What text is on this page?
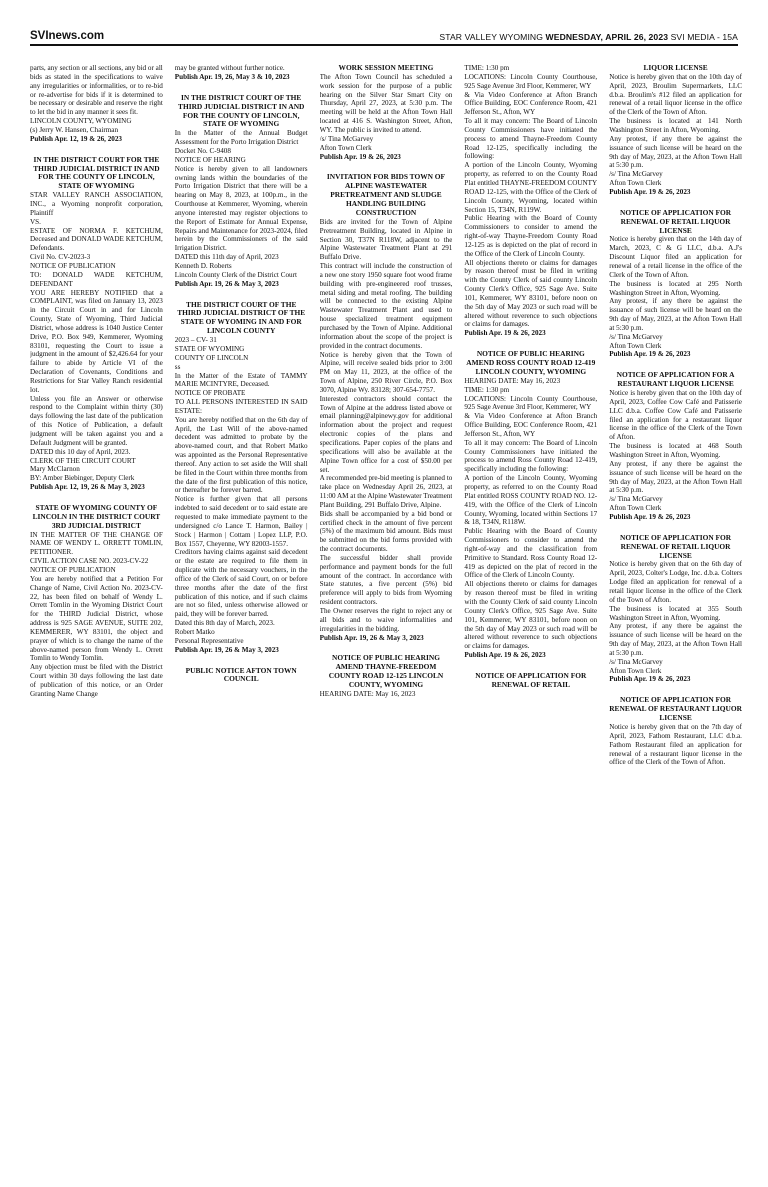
SVInews.com	STAR VALLEY WYOMING WEDNESDAY, APRIL 26, 2023 SVI MEDIA - 15A

parts, any section or all sections, any bid or all bids as stated in the specifications to waive any irregularities or informalities, or to re-bid or re-advertise for bids if it is determined to be necessary or desirable and reserve the right to let the bid in any manner it sees fit.

LINCOLN COUNTY, WYOMING

(s) Jerry W. Hansen, Chairman

Publish Apr. 12, 19 & 26, 2023

IN THE DISTRICT COURT FOR THE THIRD JUDICIAL DISTRICT IN AND FOR THE COUNTY OF LINCOLN, STATE OF WYOMING

STAR VALLEY RANCH ASSOCIATION, INC., a Wyoming nonprofit corporation, Plaintiff

VS.

ESTATE OF NORMA F. KETCHUM, Deceased and DONALD WADE KETCHUM, Defendants.

Civil No. CV-2023-3

NOTICE OF PUBLICATION

TO: DONALD WADE KETCHUM, DEFENDANT

YOU ARE HEREBY NOTIFIED that a COMPLAINT, was filed on January 13, 2023 in the Circuit Court in and for Lincoln County, State of Wyoming, Third Judicial District, whose address is 1040 Justice Center Drive, P.O. Box 949, Kemmerer, Wyoming 83101, requesting the Court to issue a judgment in the amount of $2,426.64 for your failure to abide by Article VI of the Declaration of Covenants, Conditions and Restrictions for Star Valley Ranch residential lot.

Unless you file an Answer or otherwise respond to the Complaint within thirty (30) days following the last date of the publication of this Notice of Publication, a default judgment will be taken against you and a Default Judgment will be granted.

DATED this 10 day of April, 2023.

CLERK OF THE CIRCUIT COURT

Mary McClarnon

BY: Amber Biebinger, Deputy Clerk

Publish Apr. 12, 19, 26 & May 3, 2023

STATE OF WYOMING COUNTY OF LINCOLN IN THE DISTRICT COURT 3RD JUDICIAL DISTRICT

IN THE MATTER OF THE CHANGE OF NAME OF WENDY L. ORRETT TOMLIN, PETITIONER.

CIVIL ACTION CASE NO. 2023-CV-22

NOTICE OF PUBLICATION

You are hereby notified that a Petition For Change of Name, Civil Action No. 2023-CV-22, has been filed on behalf of Wendy L. Orrett Tomlin in the Wyoming District Court for the THIRD Judicial District, whose address is 925 SAGE AVENUE, SUITE 202, KEMMERER, WY 83101, the object and prayer of which is to change the name of the above-named person from Wendy L. Orrett Tomlin to Wendy Tomlin.

Any objection must be filed with the District Court within 30 days following the last date of publication of this notice, or an Order Granting Name Change

may be granted without further notice.

Publish Apr. 19, 26, May 3 & 10, 2023

IN THE DISTRICT COURT OF THE THIRD JUDICIAL DISTRICT IN AND FOR THE COUNTY OF LINCOLN, STATE OF WYOMING

In the Matter of the Annual Budget Assessment for the Porto Irrigation District

Docket No. C-9408

NOTICE OF HEARING

Notice is hereby given to all landowners owning lands within the boundaries of the Porto Irrigation District that there will be a hearing on May 8, 2023, at 100p.m., in the Courthouse at Kemmerer, Wyoming, wherein anyone interested may register objections to the Report of Estimate for Annual Expense, Repairs and Maintenance for 2023-2024, filed herein by the Commissioners of the said Irrigation District.

DATED this 11th day of April, 2023

Kenneth D. Roberts

Lincoln County Clerk of the District Court

Publish Apr. 19, 26 & May 3, 2023

THE DISTRICT COURT OF THE THIRD JUDICIAL DISTRICT OF THE STATE OF WYOMING IN AND FOR LINCOLN COUNTY

2023 – CV- 31

STATE OF WYOMING

COUNTY OF LINCOLN

ss

In the Matter of the Estate of TAMMY MARIE MCINTYRE, Deceased.

NOTICE OF PROBATE

TO ALL PERSONS INTERESTED IN SAID ESTATE:

You are hereby notified that on the 6th day of April, the Last Will of the above-named decedent was admitted to probate by the above-named court, and that Robert Matko was appointed as the Personal Representative thereof. Any action to set aside the Will shall be filed in the Court within three months from the date of the first publication of this notice, or thereafter be forever barred.

Notice is further given that all persons indebted to said decedent or to said estate are requested to make immediate payment to the undersigned c/o Lance T. Harmon, Bailey | Stock | Harmon | Cottam | Lopez LLP, P.O. Box 1557, Cheyenne, WY 82003-1557.

Creditors having claims against said decedent or the estate are required to file them in duplicate with the necessary vouchers, in the office of the Clerk of said Court, on or before three months after the date of the first publication of this notice, and if such claims are not so filed, unless otherwise allowed or paid, they will be forever barred.

Dated this 8th day of March, 2023.

Robert Matko

Personal Representative

Publish Apr. 19, 26 & May 3, 2023

PUBLIC NOTICE AFTON TOWN COUNCIL
WORK SESSION MEETING

The Afton Town Council has scheduled a work session for the purpose of a public hearing on the Silver Star Smart City on Thursday, April 27, 2023, at 5:30 p.m. The meeting will be held at the Afton Town Hall located at 416 S. Washington Street, Afton, WY. The public is invited to attend.

/s/ Tina McGarvey

Afton Town Clerk

Publish Apr. 19 & 26, 2023

INVITATION FOR BIDS TOWN OF ALPINE WASTEWATER PRETREATMENT AND SLUDGE HANDLING BUILDING CONSTRUCTION

Bids are invited for the Town of Alpine Pretreatment Building, located in Alpine in Section 30, T37N R118W, adjacent to the Alpine Wastewater Treatment Plant at 291 Buffalo Drive.

This contract will include the construction of a new one story 1950 square foot wood frame building with pre-engineered roof trusses, metal siding and metal roofing. The building will be connected to the existing Alpine Wastewater Treatment Plant and used to house specialized treatment equipment purchased by the Town of Alpine. Additional information about the scope of the project is provided in the contract documents.

Notice is hereby given that the Town of Alpine, will receive sealed bids prior to 3:00 PM on May 11, 2023, at the office of the Town of Alpine, 250 River Circle, P.O. Box 3070, Alpine Wy. 83128; 307-654-7757.

Interested contractors should contact the Town of Alpine at the address listed above or email planning@alpinewy.gov for additional information about the project and request electronic copies of the plans and specifications. Paper copies of the plans and specifications will also be available at the Alpine Town office for a cost of $50.00 per set.

A recommended pre-bid meeting is planned to take place on Wednesday April 26, 2023, at 11:00 AM at the Alpine Wastewater Treatment Plant Building, 291 Buffalo Drive, Alpine.

Bids shall be accompanied by a bid bond or certified check in the amount of five percent (5%) of the maximum bid amount. Bids must be submitted on the bid forms provided with the contract documents.

The successful bidder shall provide performance and payment bonds for the full amount of the contract. In accordance with State statutes, a five percent (5%) bid preference will apply to bids from Wyoming resident contractors.

The Owner reserves the right to reject any or all bids and to waive informalities and irregularities in the bidding.

Publish Apr. 19, 26 & May 3, 2023

NOTICE OF PUBLIC HEARING AMEND THAYNE-FREEDOM COUNTY ROAD 12-125 LINCOLN COUNTY, WYOMING

HEARING DATE: May 16, 2023

TIME: 1:30 pm

LOCATIONS: Lincoln County Courthouse, 925 Sage Avenue 3rd Floor, Kemmerer, WY

& Via Video Conference at Afton Branch Office Building, EOC Conference Room, 421 Jefferson St., Afton, WY

To all it may concern: The Board of Lincoln County Commissioners have initiated the process to amend Thayne-Freedom County Road 12-125, specifically including the following:

A portion of the Lincoln County, Wyoming property, as referred to on the County Road Plat entitled THAYNE-FREEDOM COUNTY ROAD 12-125, with the Office of the Clerk of Lincoln County, Wyoming, located within Section 15, T34N, R119W.

Public Hearing with the Board of County Commissioners to consider to amend the right-of-way Thayne-Freedom County Road 12-125 as is depicted on the plat of record in the Office of the Clerk of Lincoln County.

All objections thereto or claims for damages by reason thereof must be filed in writing with the County Clerk of said county Lincoln County Clerk's Office, 925 Sage Ave. Suite 101, Kemmerer, WY 83101, before noon on the 5th day of May 2023 or such road will be altered without reverence to such objections or claims for damages.

Publish Apr. 19 & 26, 2023

NOTICE OF PUBLIC HEARING AMEND ROSS COUNTY ROAD 12-419 LINCOLN COUNTY, WYOMING

HEARING DATE: May 16, 2023

TIME: 1:30 pm

LOCATIONS: Lincoln County Courthouse, 925 Sage Avenue 3rd Floor, Kemmerer, WY

& Via Video Conference at Afton Branch Office Building, EOC Conference Room, 421 Jefferson St., Afton, WY

To all it may concern: The Board of Lincoln County Commissioners have initiated the process to amend Ross County Road 12-419, specifically including the following:

A portion of the Lincoln County, Wyoming property, as referred to on the County Road Plat entitled ROSS COUNTY ROAD NO. 12-419, with the Office of the Clerk of Lincoln County, Wyoming, located within Sections 17 & 18, T34N, R118W.

Public Hearing with the Board of County Commissioners to consider to amend the right-of-way and the classification from Primitive to Standard. Ross County Road 12-419 as depicted on the plat of record in the Office of the Clerk of Lincoln County.

All objections thereto or claims for damages by reason thereof must be filed in writing with the County Clerk of said county Lincoln County Clerk's Office, 925 Sage Ave. Suite 101, Kemmerer, WY 83101, before noon on the 5th day of May 2023 or such road will be altered without reverence to such objections or claims for damages.

Publish Apr. 19 & 26, 2023

NOTICE OF APPLICATION FOR RENEWAL OF RETAIL
LIQUOR LICENSE

Notice is hereby given that on the 10th day of April, 2023, Broulim Supermarkets, LLC d.b.a. Broulim's #12 filed an application for renewal of a retail liquor license in the office of the Clerk of the Town of Afton.

The business is located at 141 North Washington Street in Afton, Wyoming.

Any protest, if any there be against the issuance of such license will be heard on the 9th day of May, 2023, at the Afton Town Hall at 5:30 p.m.

/s/ Tina McGarvey

Afton Town Clerk

Publish Apr. 19 & 26, 2023

NOTICE OF APPLICATION FOR RENEWAL OF RETAIL LIQUOR LICENSE

Notice is hereby given that on the 14th day of March, 2023, C & G LLC, d.b.a. A.J's Discount Liquor filed an application for renewal of a retail license in the office of the Clerk of the Town of Afton.

The business is located at 295 North Washington Street in Afton, Wyoming.

Any protest, if any there be against the issuance of such license will be heard on the 9th day of May, 2023, at the Afton Town Hall at 5:30 p.m.

/s/ Tina McGarvey

Afton Town Clerk

Publish Apr. 19 & 26, 2023

NOTICE OF APPLICATION FOR A RESTAURANT LIQUOR LICENSE

Notice is hereby given that on the 10th day of April, 2023, Coffee Cow Café and Patisserie LLC d.b.a. Coffee Cow Café and Patisserie filed an application for a restaurant liquor license in the office of the Clerk of the Town of Afton.

The business is located at 468 South Washington Street in Afton, Wyoming.

Any protest, if any there be against the issuance of such license will be heard on the 9th day of May, 2023, at the Afton Town Hall at 5:30 p.m.

/s/ Tina McGarvey

Afton Town Clerk

Publish Apr. 19 & 26, 2023

NOTICE OF APPLICATION FOR RENEWAL OF RETAIL LIQUOR LICENSE

Notice is hereby given that on the 6th day of April, 2023, Colter's Lodge, Inc. d.b.a. Colters Lodge filed an application for renewal of a retail liquor license in the office of the Clerk of the Town of Afton.

The business is located at 355 South Washington Street in Afton, Wyoming.

Any protest, if any there be against the issuance of such license will be heard on the 9th day of May, 2023, at the Afton Town Hall at 5:30 p.m.

/s/ Tina McGarvey

Afton Town Clerk

Publish Apr. 19 & 26, 2023

NOTICE OF APPLICATION FOR RENEWAL OF RESTAURANT LIQUOR LICENSE

Notice is hereby given that on the 7th day of April, 2023, Fathom Restaurant, LLC d.b.a. Fathom Restaurant filed an application for renewal of a restaurant liquor license in the office of the Clerk of the Town of Afton.
